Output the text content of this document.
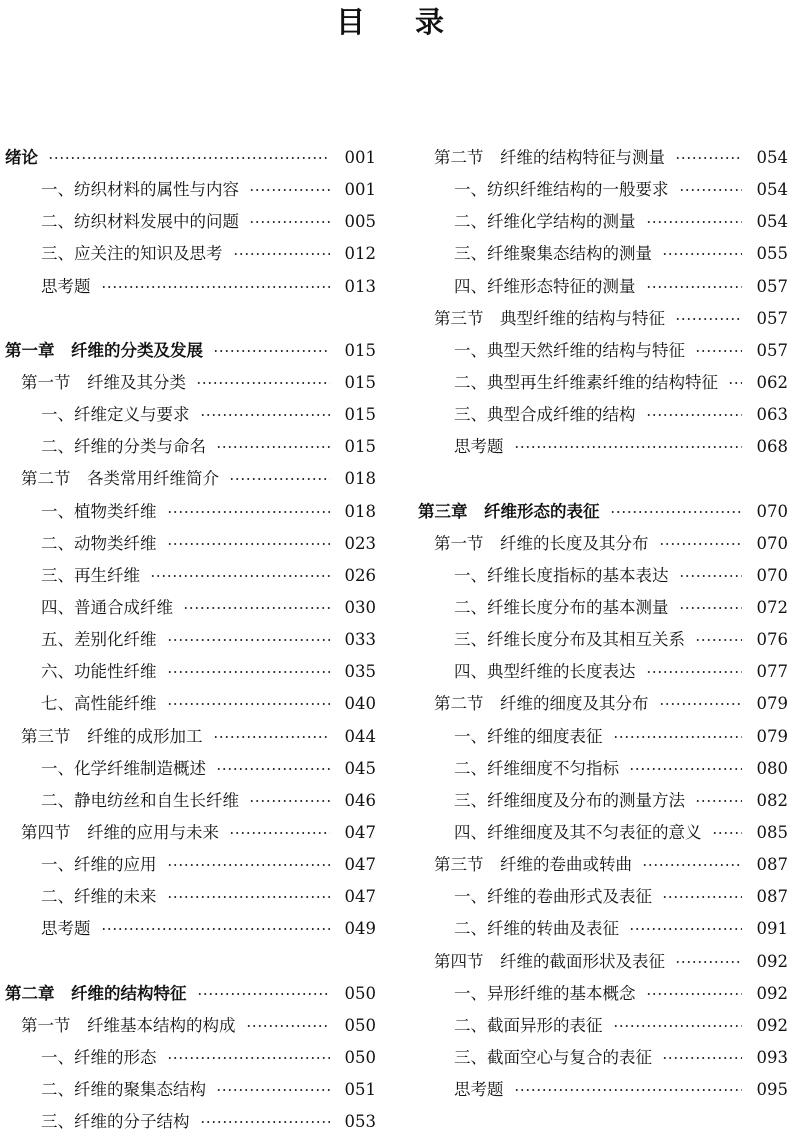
目 录
绪论	001
一、纺织材料的属性与内容	001
二、纺织材料发展中的问题	005
三、应关注的知识及思考	012
思考题	013
第一章　纤维的分类及发展	015
第一节　纤维及其分类	015
一、纤维定义与要求	015
二、纤维的分类与命名	015
第二节　各类常用纤维简介	018
一、植物类纤维	018
二、动物类纤维	023
三、再生纤维	026
四、普通合成纤维	030
五、差别化纤维	033
六、功能性纤维	035
七、高性能纤维	040
第三节　纤维的成形加工	044
一、化学纤维制造概述	045
二、静电纺丝和自生长纤维	046
第四节　纤维的应用与未来	047
一、纤维的应用	047
二、纤维的未来	047
思考题	049
第二章　纤维的结构特征	050
第一节　纤维基本结构的构成	050
一、纤维的形态	050
二、纤维的聚集态结构	051
三、纤维的分子结构	053
第二节　纤维的结构特征与测量	054
一、纺织纤维结构的一般要求	054
二、纤维化学结构的测量	054
三、纤维聚集态结构的测量	055
四、纤维形态特征的测量	057
第三节　典型纤维的结构与特征	057
一、典型天然纤维的结构与特征	057
二、典型再生纤维素纤维的结构特征 062
三、典型合成纤维的结构	063
思考题	068
第三章　纤维形态的表征	070
第一节　纤维的长度及其分布	070
一、纤维长度指标的基本表达	070
二、纤维长度分布的基本测量	072
三、纤维长度分布及其相互关系	076
四、典型纤维的长度表达	077
第二节　纤维的细度及其分布	079
一、纤维的细度表征	079
二、纤维细度不匀指标	080
三、纤维细度及分布的测量方法	082
四、纤维细度及其不匀表征的意义	085
第三节　纤维的卷曲或转曲	087
一、纤维的卷曲形式及表征	087
二、纤维的转曲及表征	091
第四节　纤维的截面形状及表征	092
一、异形纤维的基本概念	092
二、截面异形的表征	092
三、截面空心与复合的表征	093
思考题	095
